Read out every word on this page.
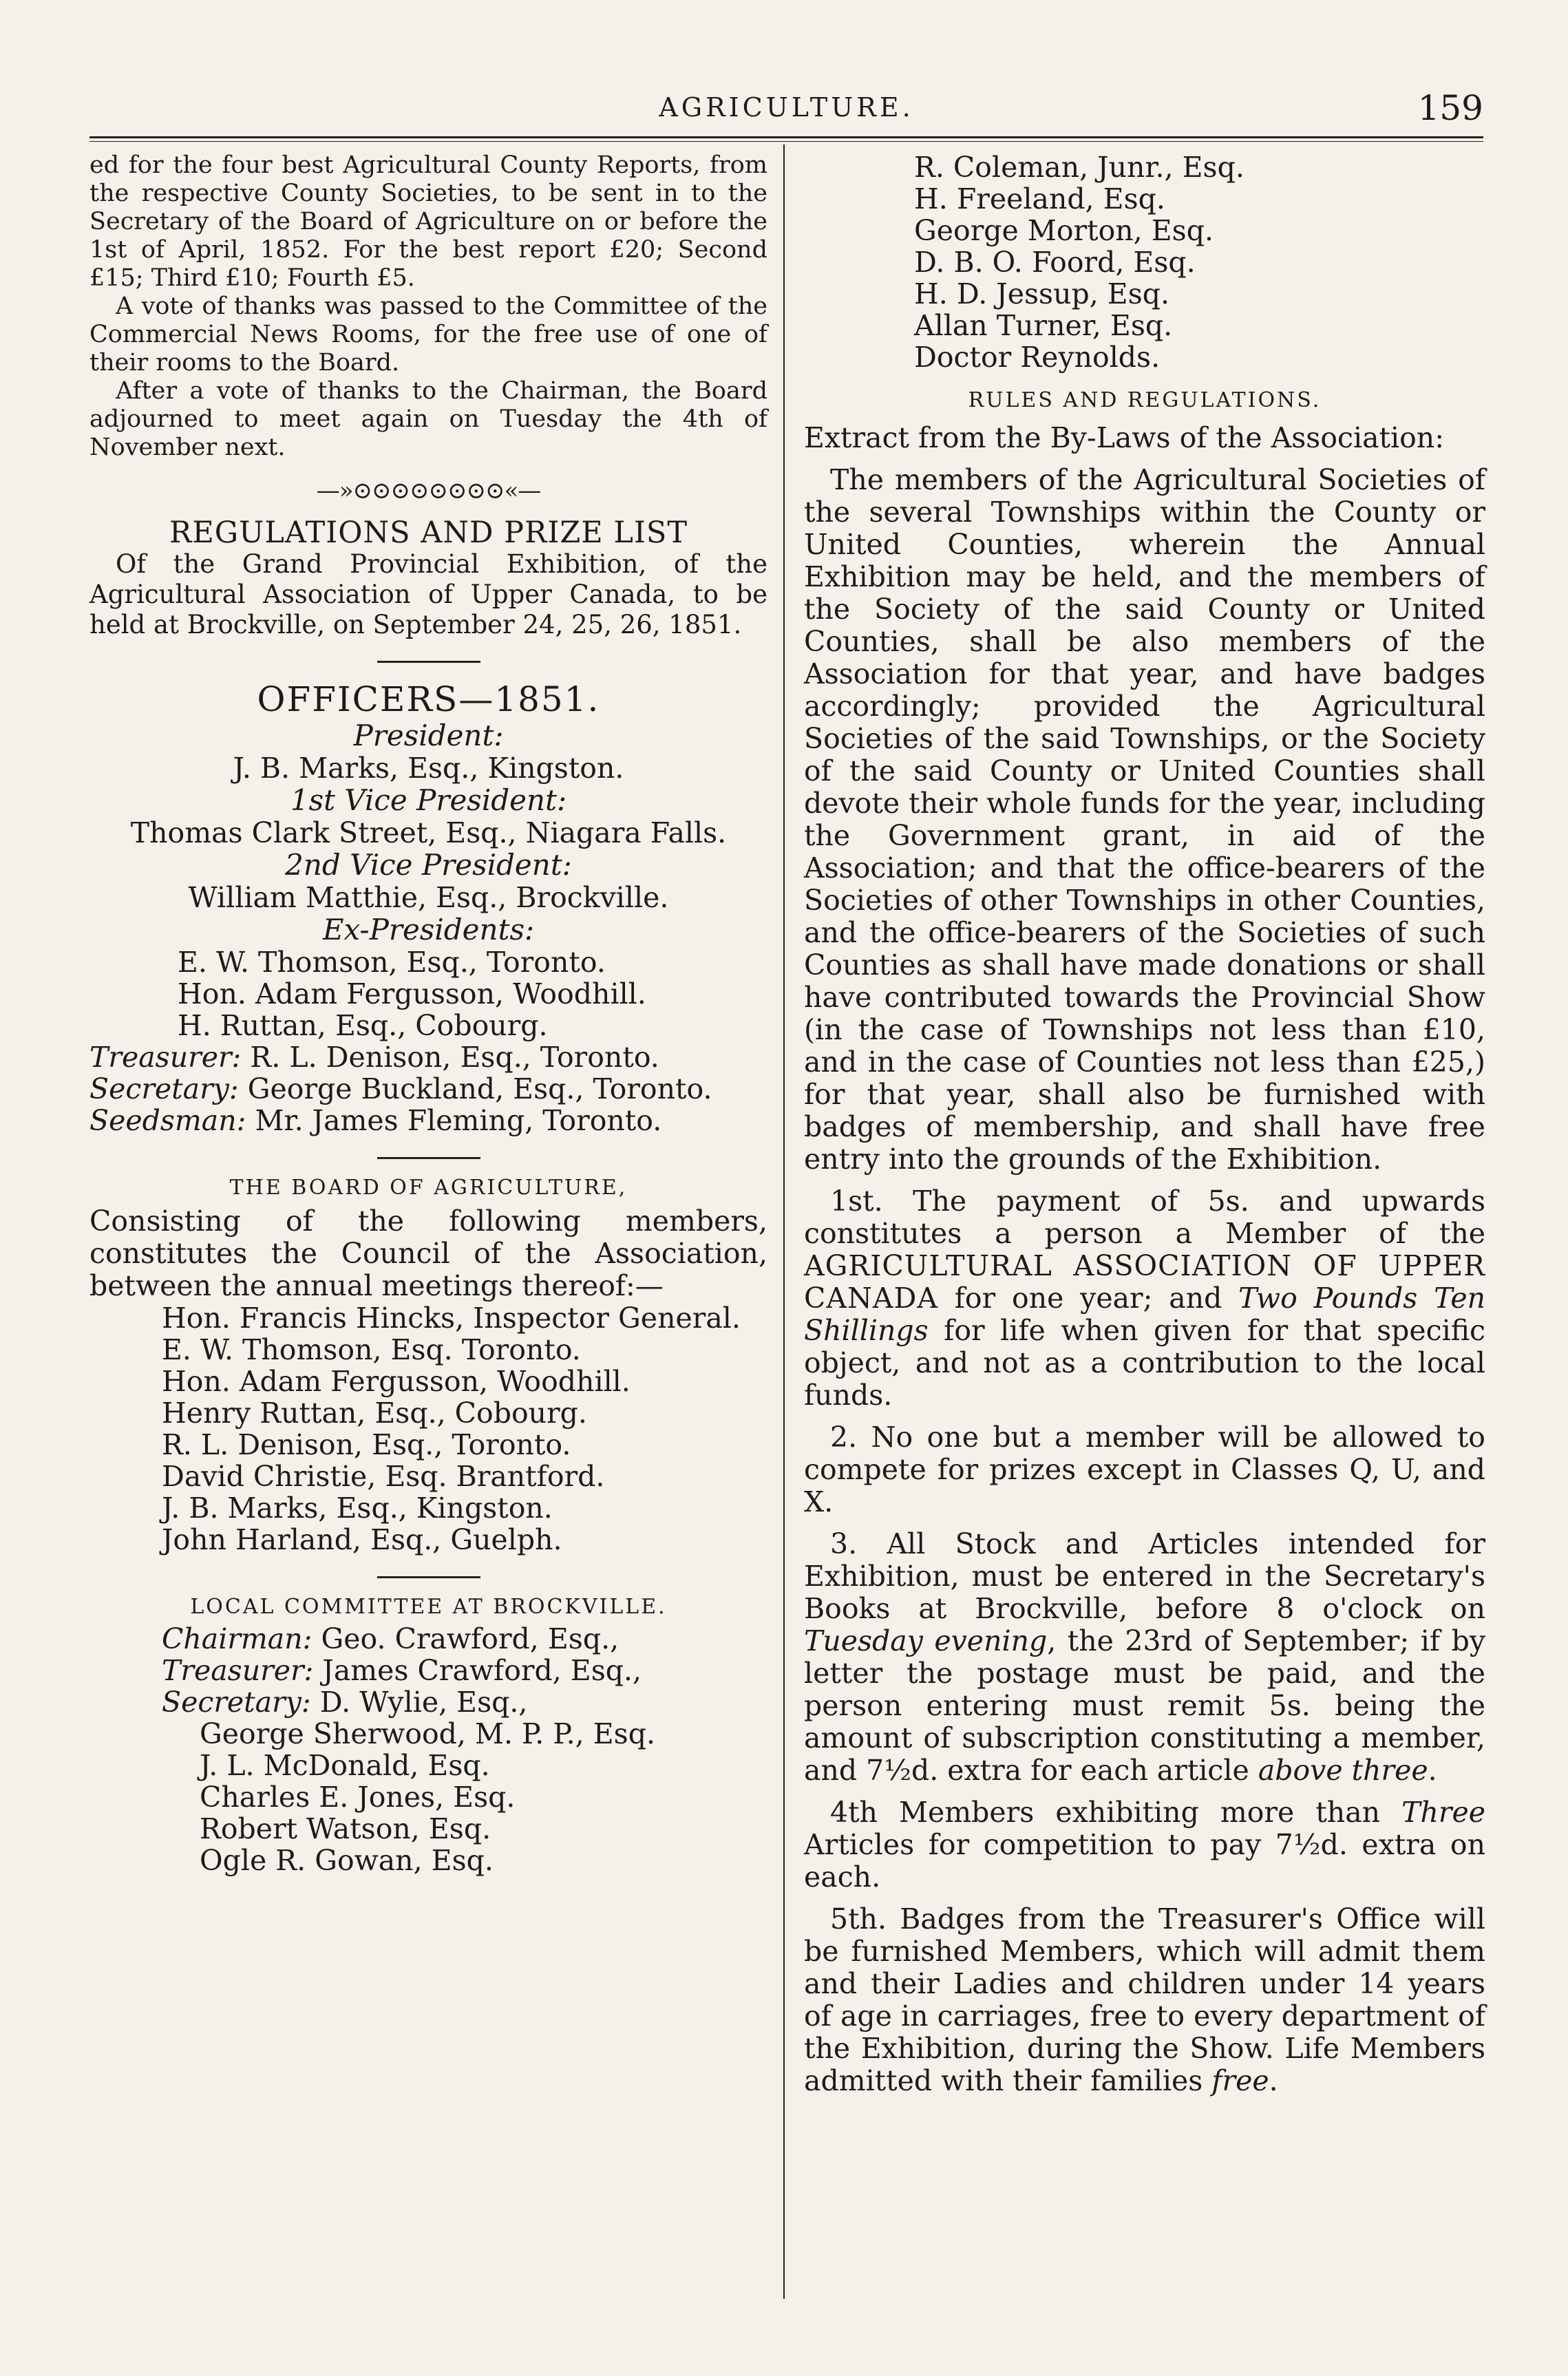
AGRICULTURE.	159

ed for the four best Agricultural County Reports, from the respective County Societies, to be sent in to the Secretary of the Board of Agriculture on or before the 1st of April, 1852. For the best report £20; Second £15; Third £10; Fourth £5.

A vote of thanks was passed to the Committee of the Commercial News Rooms, for the free use of one of their rooms to the Board.

After a vote of thanks to the Chairman, the Board adjourned to meet again on Tuesday the 4th of November next.

—»⊙⊙⊙⊙⊙⊙⊙⊙«—
REGULATIONS AND PRIZE LIST

Of the Grand Provincial Exhibition, of the Agricultural Association of Upper Canada, to be held at Brockville, on September 24, 25, 26, 1851.

OFFICERS—1851.
President:
J. B. Marks, Esq., Kingston.
1st Vice President:
Thomas Clark Street, Esq., Niagara Falls.
2nd Vice President:
William Matthie, Esq., Brockville.
Ex-Presidents:
E. W. Thomson, Esq., Toronto.
Hon. Adam Fergusson, Woodhill.
H. Ruttan, Esq., Cobourg.
Treasurer: R. L. Denison, Esq., Toronto.
Secretary: George Buckland, Esq., Toronto.
Seedsman: Mr. James Fleming, Toronto.
THE BOARD OF AGRICULTURE,

Consisting of the following members, constitutes the Council of the Association, between the annual meetings thereof:—

Hon. Francis Hincks, Inspector General.
E. W. Thomson, Esq. Toronto.
Hon. Adam Fergusson, Woodhill.
Henry Ruttan, Esq., Cobourg.
R. L. Denison, Esq., Toronto.
David Christie, Esq. Brantford.
J. B. Marks, Esq., Kingston.
John Harland, Esq., Guelph.
LOCAL COMMITTEE AT BROCKVILLE.
Chairman: Geo. Crawford, Esq.,
Treasurer: James Crawford, Esq.,
Secretary: D. Wylie, Esq.,
George Sherwood, M. P. P., Esq.
J. L. McDonald, Esq.
Charles E. Jones, Esq.
Robert Watson, Esq.
Ogle R. Gowan, Esq.
R. Coleman, Junr., Esq.
H. Freeland, Esq.
George Morton, Esq.
D. B. O. Foord, Esq.
H. D. Jessup, Esq.
Allan Turner, Esq.
Doctor Reynolds.
RULES AND REGULATIONS.

Extract from the By-Laws of the Association:

The members of the Agricultural Societies of the several Townships within the County or United Counties, wherein the Annual Exhibition may be held, and the members of the Society of the said County or United Counties, shall be also members of the Association for that year, and have badges accordingly; provided the Agricultural Societies of the said Townships, or the Society of the said County or United Counties shall devote their whole funds for the year, including the Government grant, in aid of the Association; and that the office-bearers of the Societies of other Townships in other Counties, and the office-bearers of the Societies of such Counties as shall have made donations or shall have contributed towards the Provincial Show (in the case of Townships not less than £10, and in the case of Counties not less than £25,) for that year, shall also be furnished with badges of membership, and shall have free entry into the grounds of the Exhibition.

1st. The payment of 5s. and upwards constitutes a person a Member of the AGRICULTURAL ASSOCIATION OF UPPER CANADA for one year; and Two Pounds Ten Shillings for life when given for that specific object, and not as a contribution to the local funds.

2. No one but a member will be allowed to compete for prizes except in Classes Q, U, and X.

3. All Stock and Articles intended for Exhibition, must be entered in the Secretary's Books at Brockville, before 8 o'clock on Tuesday evening, the 23rd of September; if by letter the postage must be paid, and the person entering must remit 5s. being the amount of subscription constituting a member, and 7½d. extra for each article above three.

4th Members exhibiting more than Three Articles for competition to pay 7½d. extra on each.

5th. Badges from the Treasurer's Office will be furnished Members, which will admit them and their Ladies and children under 14 years of age in carriages, free to every department of the Exhibition, during the Show. Life Members admitted with their families free.
